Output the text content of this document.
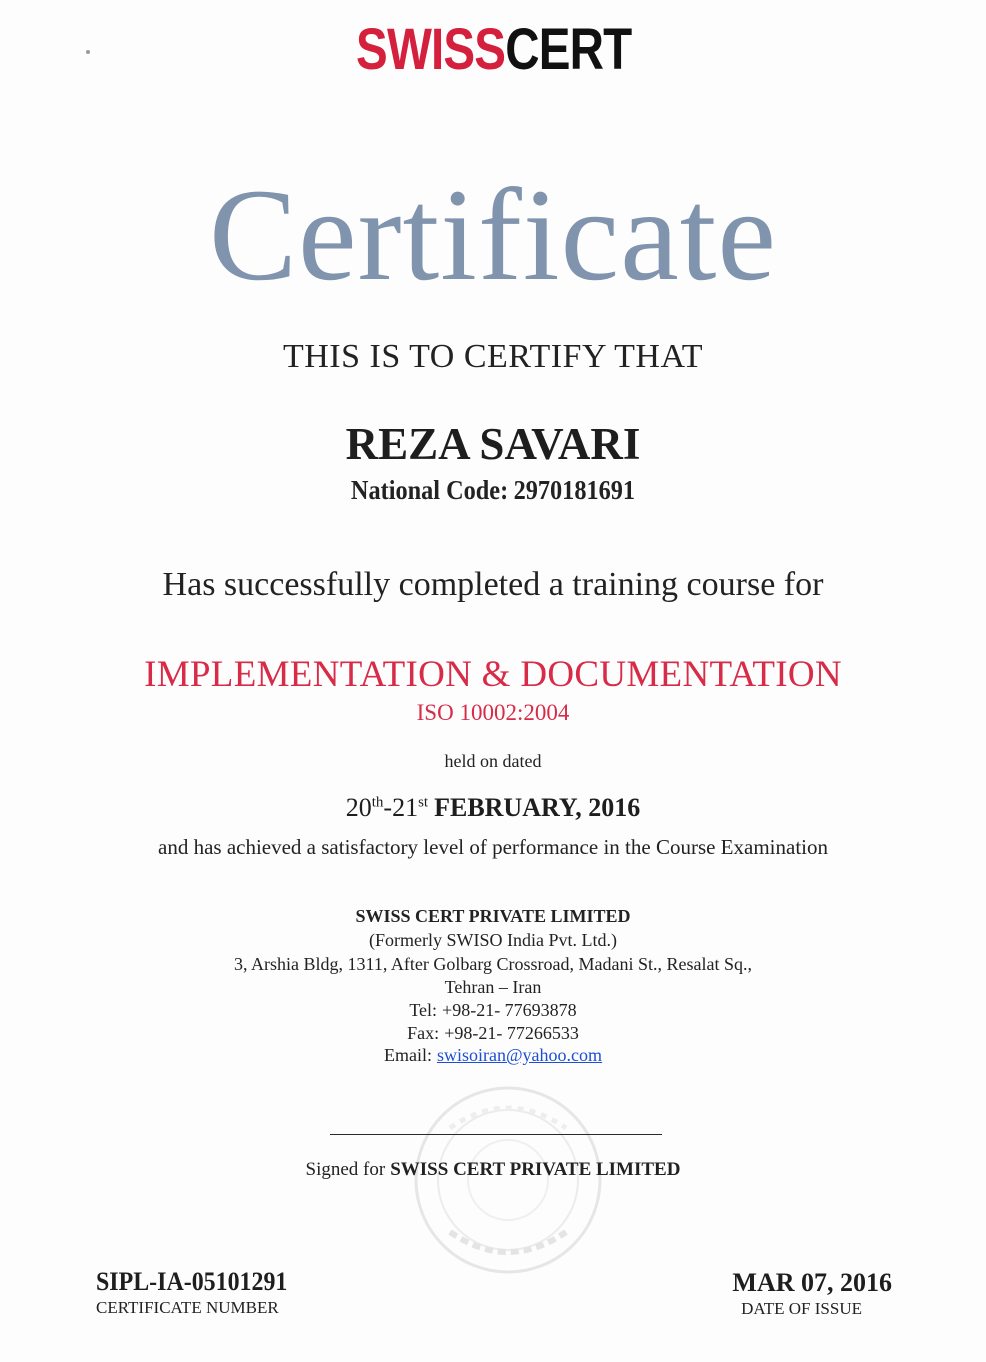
SWISSCERT
Certificate
THIS IS TO CERTIFY THAT
REZA SAVARI
National Code: 2970181691
Has successfully completed a training course for
IMPLEMENTATION & DOCUMENTATION
ISO 10002:2004
held on dated
20th-21st FEBRUARY, 2016
and has achieved a satisfactory level of performance in the Course Examination
SWISS CERT PRIVATE LIMITED
(Formerly SWISO India Pvt. Ltd.)
3, Arshia Bldg, 1311, After Golbarg Crossroad, Madani St., Resalat Sq.,
Tehran – Iran
Tel: +98-21- 77693878
Fax: +98-21- 77266533
Email: swisoiran@yahoo.com
Signed for SWISS CERT PRIVATE LIMITED
SIPL-IA-05101291
CERTIFICATE NUMBER
MAR 07, 2016
DATE OF ISSUE
